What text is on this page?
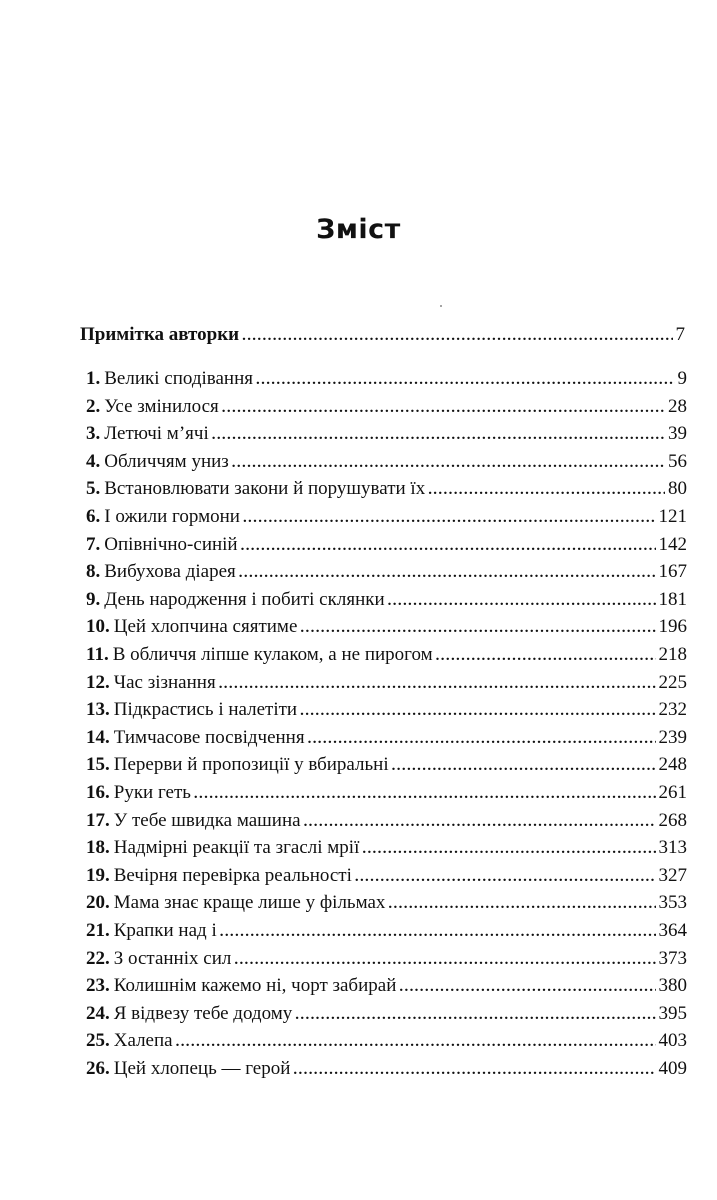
Зміст
Примітка авторки . . .	7
1. Великі сподівання . . .	9
2. Усе змінилося . . .	28
3. Летючі м’ячі . . .	39
4. Обличчям униз . . .	56
5. Встановлювати закони й порушувати їх . . .	80
6. І ожили гормони . . .	121
7. Опівнічно-синій . . .	142
8. Вибухова діарея . . .	167
9. День народження і побиті склянки . . .	181
10. Цей хлопчина сяятиме . . .	196
11. В обличчя ліпше кулаком, а не пирогом . . .	218
12. Час зізнання . . .	225
13. Підкрастись і налетіти . . .	232
14. Тимчасове посвідчення . . .	239
15. Перерви й пропозиції у вбиральні . . .	248
16. Руки геть . . .	261
17. У тебе швидка машина . . .	268
18. Надмірні реакції та згаслі мрії . . .	313
19. Вечірня перевірка реальності . . .	327
20. Мама знає краще лише у фільмах . . .	353
21. Крапки над і . . .	364
22. З останніх сил . . .	373
23. Колишнім кажемо ні, чорт забирай . . .	380
24. Я відвезу тебе додому . . .	395
25. Халепа . . .	403
26. Цей хлопець — герой . . .	409
